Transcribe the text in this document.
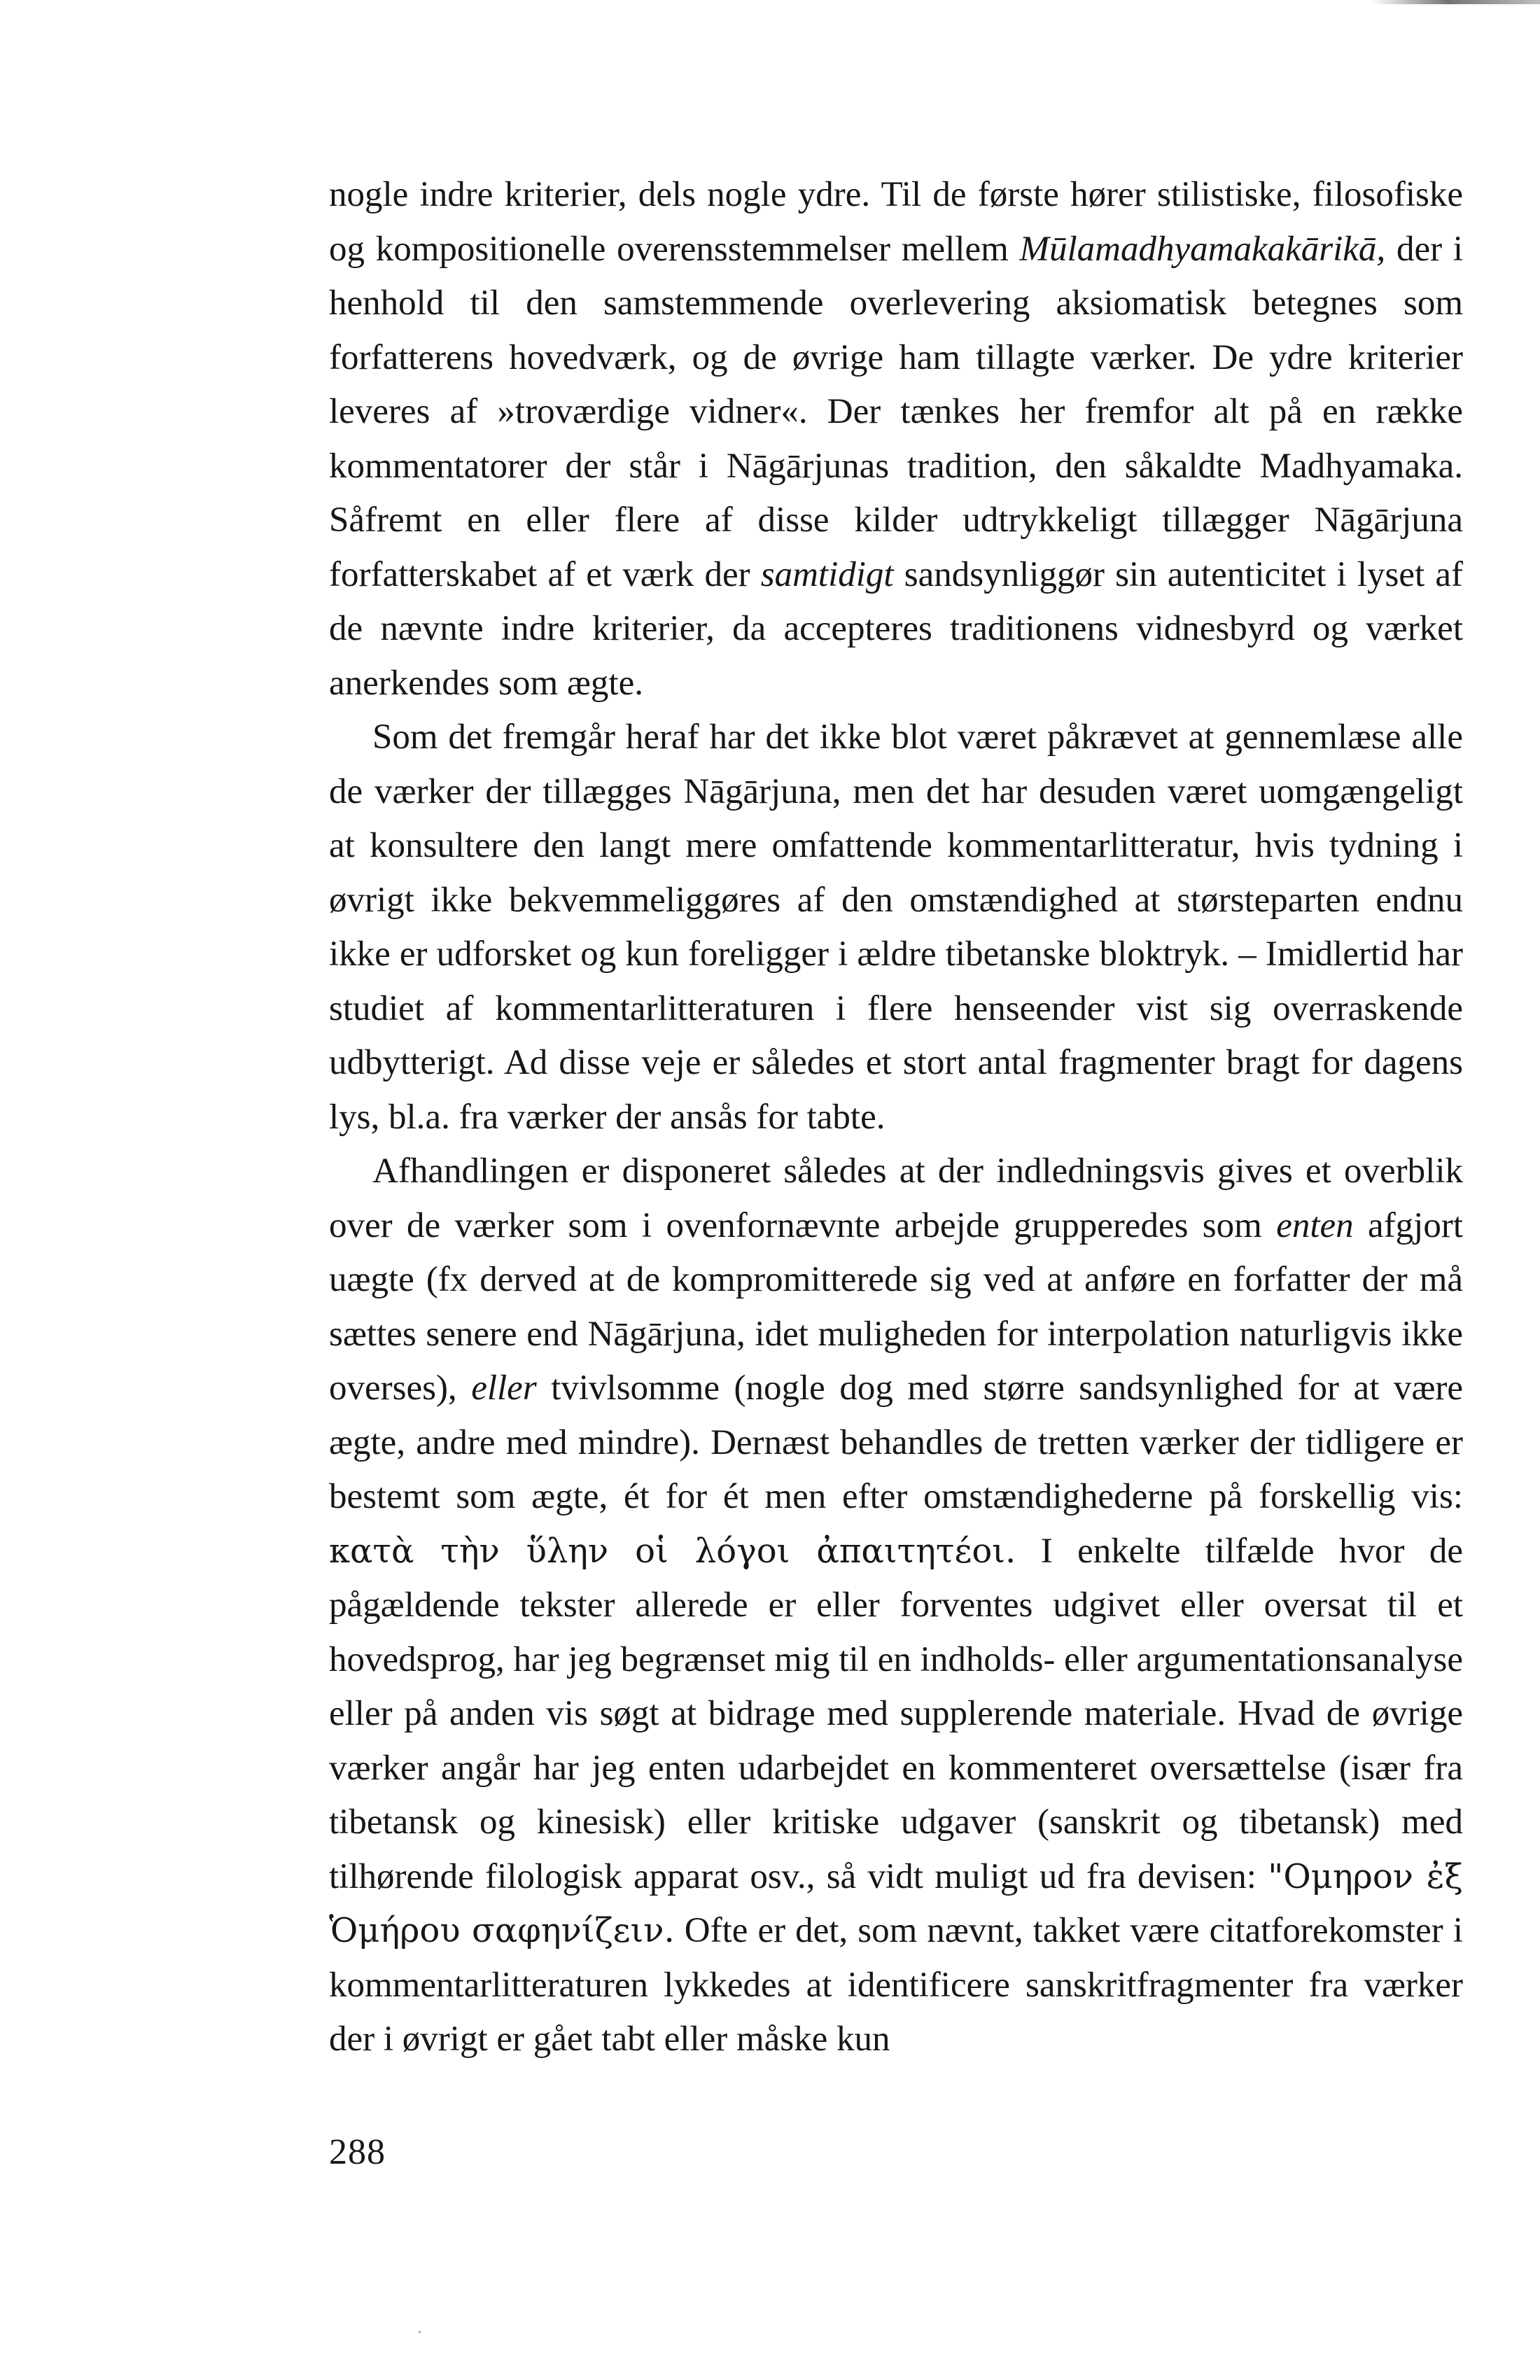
nogle indre kriterier, dels nogle ydre. Til de første hører stilistiske, filosofiske og kompositionelle overensstemmelser mellem Mūlamadhyamakakārikā, der i henhold til den samstemmende overlevering aksiomatisk betegnes som forfatterens hovedværk, og de øvrige ham tillagte værker. De ydre kriterier leveres af »troværdige vidner«. Der tænkes her fremfor alt på en række kommentatorer der står i Nāgārjunas tradition, den såkaldte Madhyamaka. Såfremt en eller flere af disse kilder udtrykkeligt tillægger Nāgārjuna forfatterskabet af et værk der samtidigt sandsynliggør sin autenticitet i lyset af de nævnte indre kriterier, da accepteres traditionens vidnesbyrd og værket anerkendes som ægte.

Som det fremgår heraf har det ikke blot været påkrævet at gennemlæse alle de værker der tillægges Nāgārjuna, men det har desuden været uomgængeligt at konsultere den langt mere omfattende kommentarlitteratur, hvis tydning i øvrigt ikke bekvemmeliggøres af den omstændighed at størsteparten endnu ikke er udforsket og kun foreligger i ældre tibetanske bloktryk. – Imidlertid har studiet af kommentarlitteraturen i flere henseender vist sig overraskende udbytterigt. Ad disse veje er således et stort antal fragmenter bragt for dagens lys, bl.a. fra værker der ansås for tabte.

Afhandlingen er disponeret således at der indledningsvis gives et overblik over de værker som i ovenfornævnte arbejde grupperedes som enten afgjort uægte (fx derved at de kompromitterede sig ved at anføre en forfatter der må sættes senere end Nāgārjuna, idet muligheden for interpolation naturligvis ikke overses), eller tvivlsomme (nogle dog med større sandsynlighed for at være ægte, andre med mindre). Dernæst behandles de tretten værker der tidligere er bestemt som ægte, ét for ét men efter omstændighederne på forskellig vis: κατὰ τὴν ὕλην οἱ λόγοι ἀπαιτητέοι. I enkelte tilfælde hvor de pågældende tekster allerede er eller forventes udgivet eller oversat til et hovedsprog, har jeg begrænset mig til en indholds- eller argumentationsanalyse eller på anden vis søgt at bidrage med supplerende materiale. Hvad de øvrige værker angår har jeg enten udarbejdet en kommenteret oversættelse (især fra tibetansk og kinesisk) eller kritiske udgaver (sanskrit og tibetansk) med tilhørende filologisk apparat osv., så vidt muligt ud fra devisen: "Ομηρον ἐξ Ὁμήρου σαφηνίζειν. Ofte er det, som nævnt, takket være citatforekomster i kommentarlitteraturen lykkedes at identificere sanskritfragmenter fra værker der i øvrigt er gået tabt eller måske kun

288
